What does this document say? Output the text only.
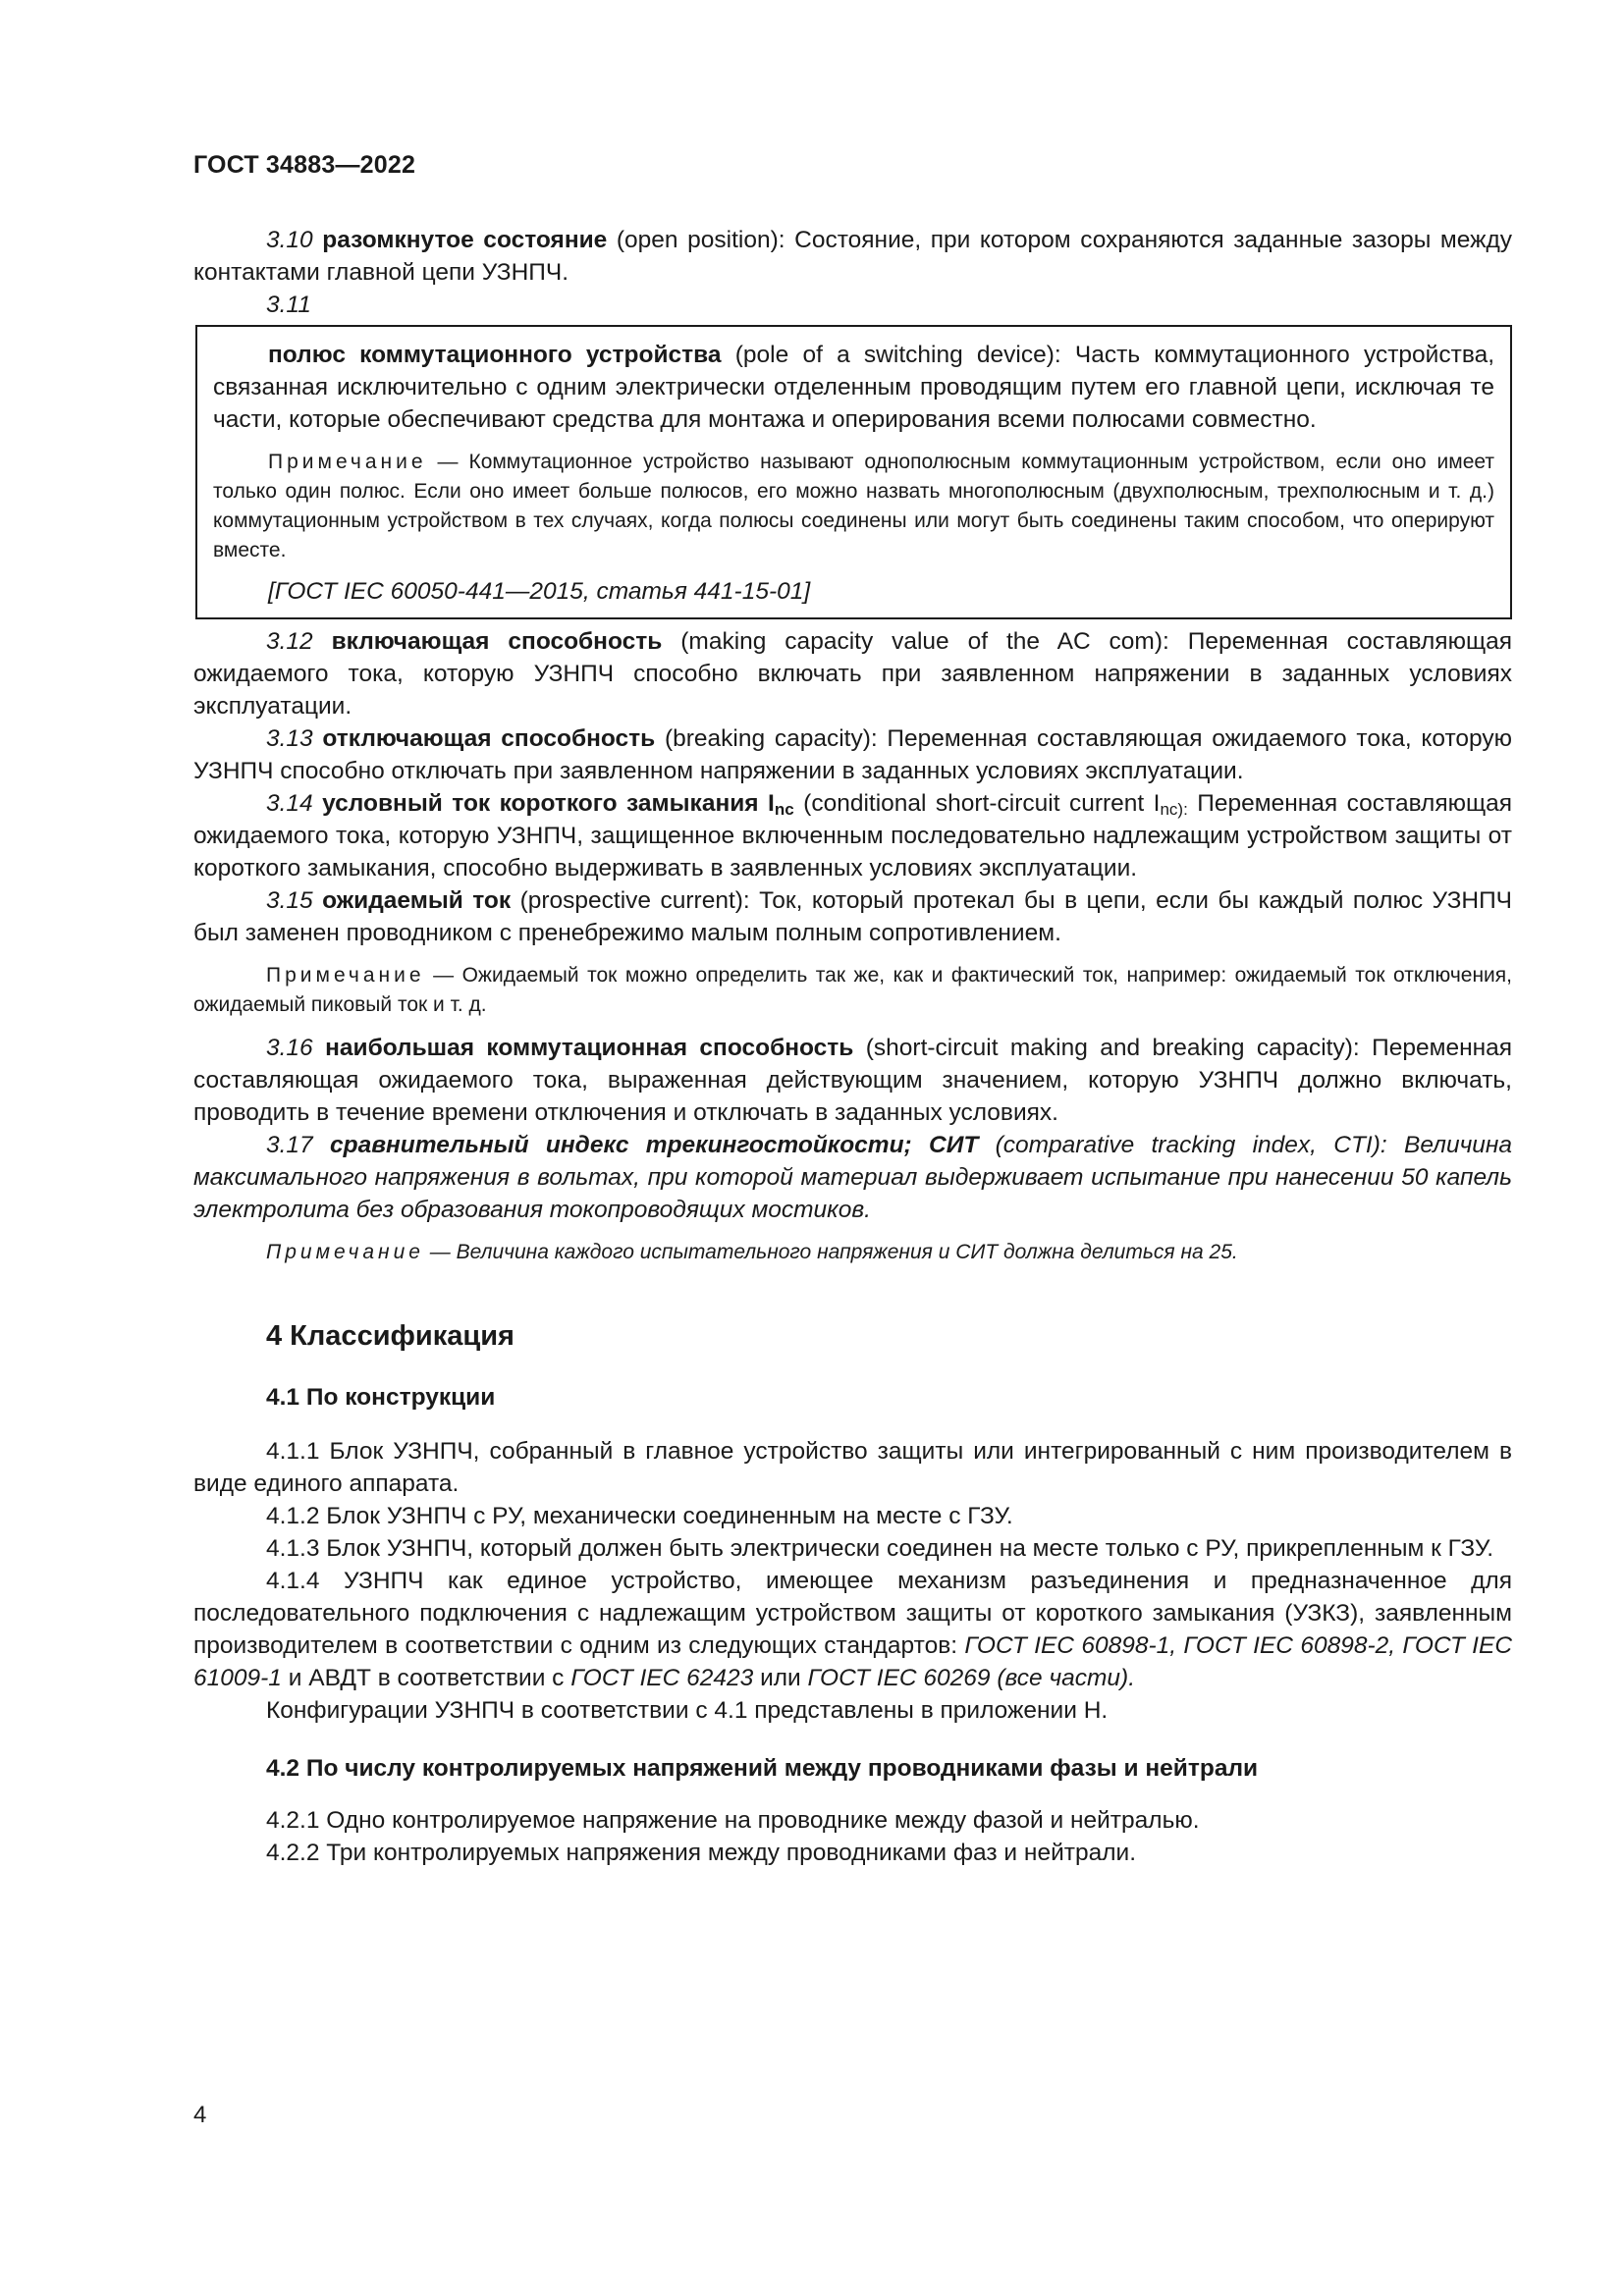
ГОСТ 34883—2022

3.10 разомкнутое состояние (open position): Состояние, при котором сохраняются заданные зазоры между контактами главной цепи УЗНПЧ.

3.11

полюс коммутационного устройства (pole of a switching device): Часть коммутационного устройства, связанная исключительно с одним электрически отделенным проводящим путем его главной цепи, исключая те части, которые обеспечивают средства для монтажа и оперирования всеми полюсами совместно.

Примечание — Коммутационное устройство называют однополюсным коммутационным устройством, если оно имеет только один полюс. Если оно имеет больше полюсов, его можно назвать многополюсным (двухполюсным, трехполюсным и т. д.) коммутационным устройством в тех случаях, когда полюсы соединены или могут быть соединены таким способом, что оперируют вместе.

[ГОСТ IEC 60050-441—2015, статья 441-15-01]

3.12 включающая способность (making capacity value of the AC com): Переменная составляющая ожидаемого тока, которую УЗНПЧ способно включать при заявленном напряжении в заданных условиях эксплуатации.

3.13 отключающая способность (breaking capacity): Переменная составляющая ожидаемого тока, которую УЗНПЧ способно отключать при заявленном напряжении в заданных условиях эксплуатации.

3.14 условный ток короткого замыкания $I_{nc}$ (conditional short-circuit current $I_{nc):}$ Переменная составляющая ожидаемого тока, которую УЗНПЧ, защищенное включенным последовательно надлежащим устройством защиты от короткого замыкания, способно выдерживать в заявленных условиях эксплуатации.

3.15 ожидаемый ток (prospective current): Ток, который протекал бы в цепи, если бы каждый полюс УЗНПЧ был заменен проводником с пренебрежимо малым полным сопротивлением.

Примечание — Ожидаемый ток можно определить так же, как и фактический ток, например: ожидаемый ток отключения, ожидаемый пиковый ток и т. д.

3.16 наибольшая коммутационная способность (short-circuit making and breaking capacity): Переменная составляющая ожидаемого тока, выраженная действующим значением, которую УЗНПЧ должно включать, проводить в течение времени отключения и отключать в заданных условиях.

3.17 сравнительный индекс трекингостойкости; СИТ (comparative tracking index, CTI): Величина максимального напряжения в вольтах, при которой материал выдерживает испытание при нанесении 50 капель электролита без образования токопроводящих мостиков.

Примечание — Величина каждого испытательного напряжения и СИТ должна делиться на 25.

4 Классификация
4.1 По конструкции

4.1.1 Блок УЗНПЧ, собранный в главное устройство защиты или интегрированный с ним производителем в виде единого аппарата.

4.1.2 Блок УЗНПЧ с РУ, механически соединенным на месте с ГЗУ.

4.1.3 Блок УЗНПЧ, который должен быть электрически соединен на месте только с РУ, прикрепленным к ГЗУ.

4.1.4 УЗНПЧ как единое устройство, имеющее механизм разъединения и предназначенное для последовательного подключения с надлежащим устройством защиты от короткого замыкания (УЗКЗ), заявленным производителем в соответствии с одним из следующих стандартов: ГОСТ IEC 60898-1, ГОСТ IEC 60898-2, ГОСТ IEC 61009-1 и АВДТ в соответствии с ГОСТ IEC 62423 или ГОСТ IEC 60269 (все части).

Конфигурации УЗНПЧ в соответствии с 4.1 представлены в приложении Н.

4.2 По числу контролируемых напряжений между проводниками фазы и нейтрали

4.2.1 Одно контролируемое напряжение на проводнике между фазой и нейтралью.

4.2.2 Три контролируемых напряжения между проводниками фаз и нейтрали.

4
